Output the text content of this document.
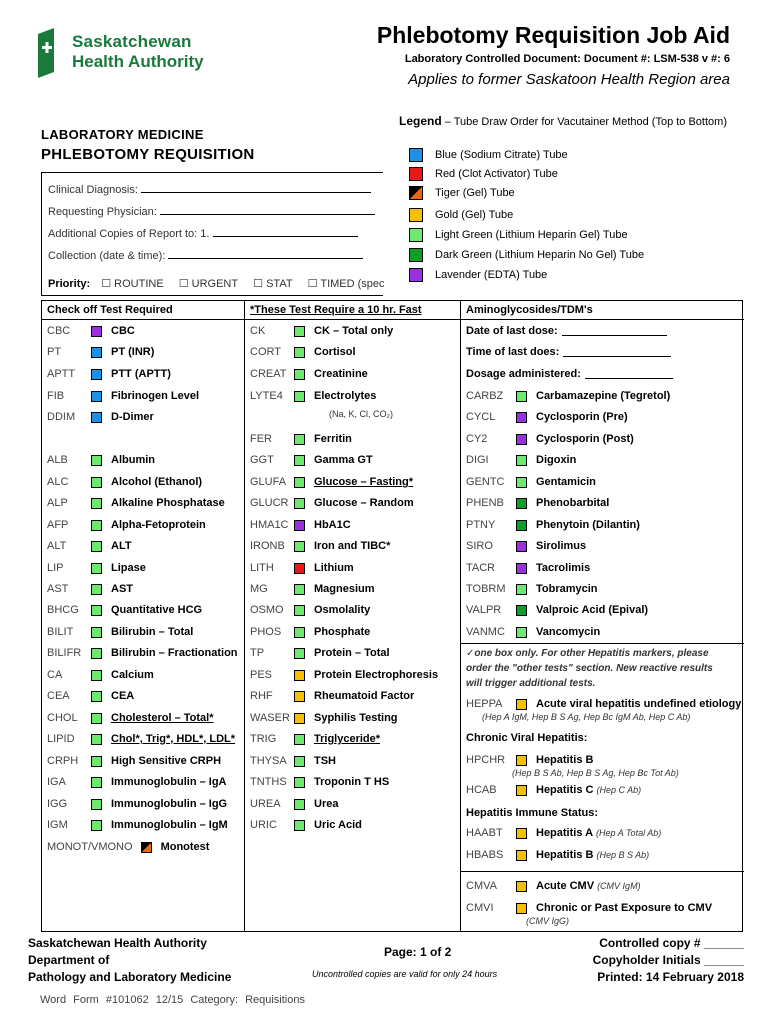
Saskatchewan
Health Authority
Phlebotomy Requisition Job Aid
Laboratory Controlled Document: Document #: LSM-538 v #: 6
Applies to former Saskatoon Health Region area
LABORATORY MEDICINE
PHLEBOTOMY REQUISITION
Clinical Diagnosis:
Requesting Physician:
Additional Copies of Report to: 1.
Collection (date & time):
Priority: ☐ ROUTINE ☐ URGENT ☐ STAT ☐ TIMED (spec
Legend – Tube Draw Order for Vacutainer Method (Top to Bottom)
Blue (Sodium Citrate) Tube
Red (Clot Activator) Tube
Tiger (Gel) Tube
Gold (Gel) Tube
Light Green (Lithium Heparin Gel) Tube
Dark Green (Lithium Heparin No Gel) Tube
Lavender (EDTA) Tube
Check off Test Required	*These Test Require a 10 hr. Fast	Aminoglycosides/TDM's
CBC	CBC
PT	PT (INR)
APTT	PTT (APTT)
FIB	Fibrinogen Level
DDIM	D-Dimer
ALB	Albumin
ALC	Alcohol (Ethanol)
ALP	Alkaline Phosphatase
AFP	Alpha-Fetoprotein
ALT	ALT
LIP	Lipase
AST	AST
BHCG	Quantitative HCG
BILIT	Bilirubin – Total
BILIFR	Bilirubin – Fractionation
CA	Calcium
CEA	CEA
CHOL	Cholesterol – Total*
LIPID	Chol*, Trig*, HDL*, LDL*
CRPH	High Sensitive CRPH
IGA	Immunoglobulin – IgA
IGG	Immunoglobulin – IgG
IGM	Immunoglobulin – IgM
MONOT/VMONO	Monotest
CK	CK – Total only
CORT	Cortisol
CREAT	Creatinine
LYTE4	Electrolytes
FER	Ferritin
GGT	Gamma GT
GLUFA	Glucose – Fasting*
GLUCR	Glucose – Random
HMA1C	HbA1C
IRONB	Iron and TIBC*
LITH	Lithium
MG	Magnesium
OSMO	Osmolality
PHOS	Phosphate
TP	Protein – Total
PES	Protein Electrophoresis
RHF	Rheumatoid Factor
WASER	Syphilis Testing
TRIG	Triglyceride*
THYSA	TSH
TNTHS	Troponin T HS
UREA	Urea
URIC	Uric Acid
Date of last dose:
Time of last does:
Dosage administered:
CARBZ	Carbamazepine (Tegretol)
CYCL	Cyclosporin (Pre)
CY2	Cyclosporin (Post)
DIGI	Digoxin
GENTC	Gentamicin
PHENB	Phenobarbital
PTNY	Phenytoin (Dilantin)
SIRO	Sirolimus
TACR	Tacrolimis
TOBRM	Tobramycin
VALPR	Valproic Acid (Epival)
VANMC	Vancomycin
✓one box only. For other Hepatitis markers, please
order the "other tests" section. New reactive results
will trigger additional tests.
HEPPA	Acute viral hepatitis undefined etiology
(Hep A IgM, Hep B S Ag, Hep Bc IgM Ab, Hep C Ab)
Chronic Viral Hepatitis:
HPCHR	Hepatitis B
(Hep B S Ab, Hep B S Ag, Hep Bc Tot Ab)
HCAB	Hepatitis C (Hep C Ab)
Hepatitis Immune Status:
HAABT	Hepatitis A (Hep A Total Ab)
HBABS	Hepatitis B (Hep B S Ab)
CMVA	Acute CMV (CMV IgM)
CMVI	Chronic or Past Exposure to CMV
(CMV IgG)
(Na, K, Cl, CO₂)
Saskatchewan Health Authority
Department of
Pathology and Laboratory Medicine
Page: 1 of 2
Uncontrolled copies are valid for only 24 hours
Controlled copy # ______
Copyholder Initials ______
Printed: 14 February 2018
Word Form #101062 12/15 Category: Requisitions
